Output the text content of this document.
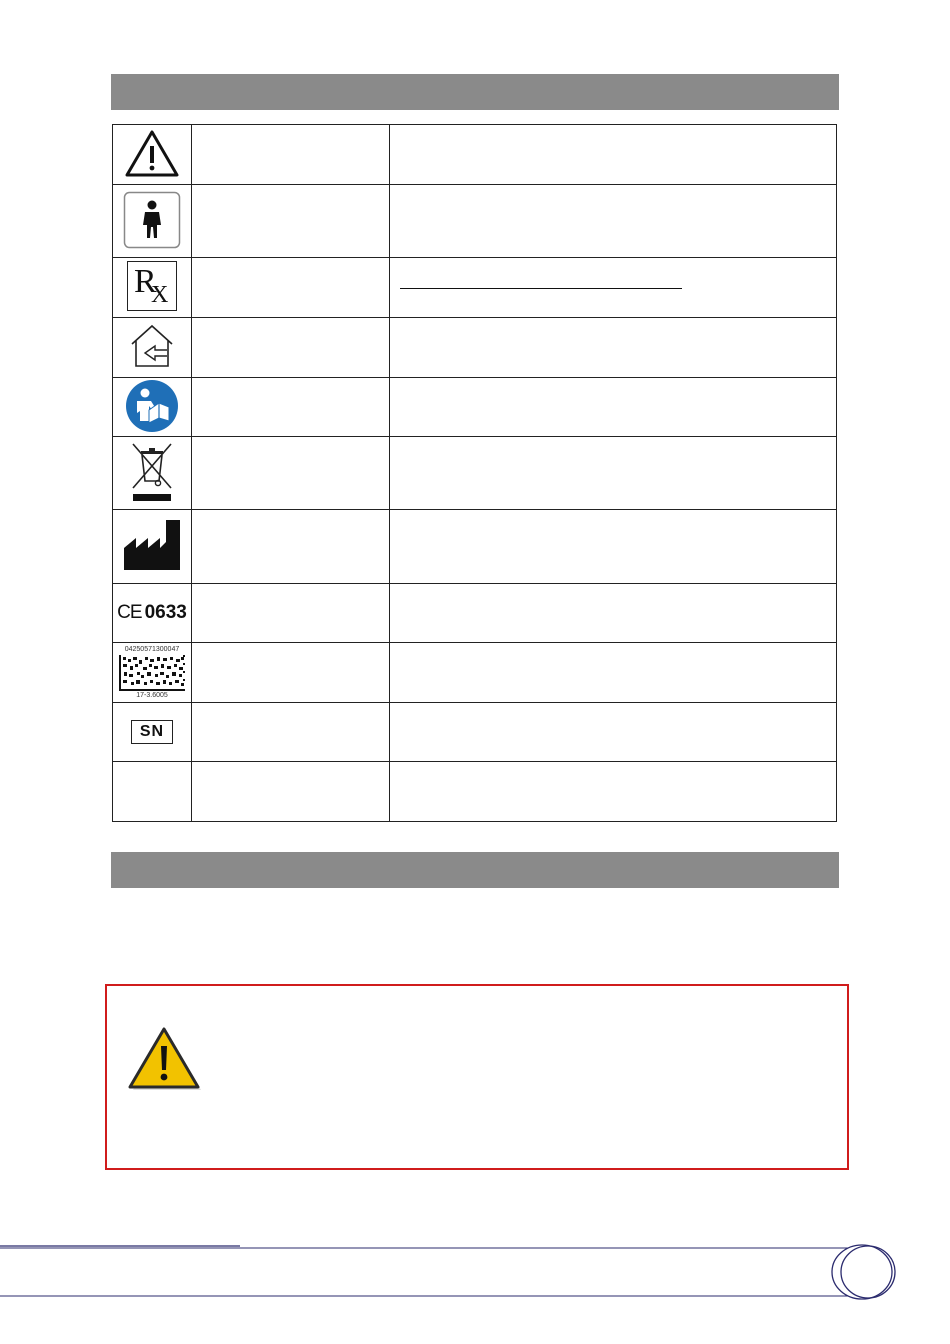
R
X		

CE 0633		

04250571300047
17-3.6005		

SN		
